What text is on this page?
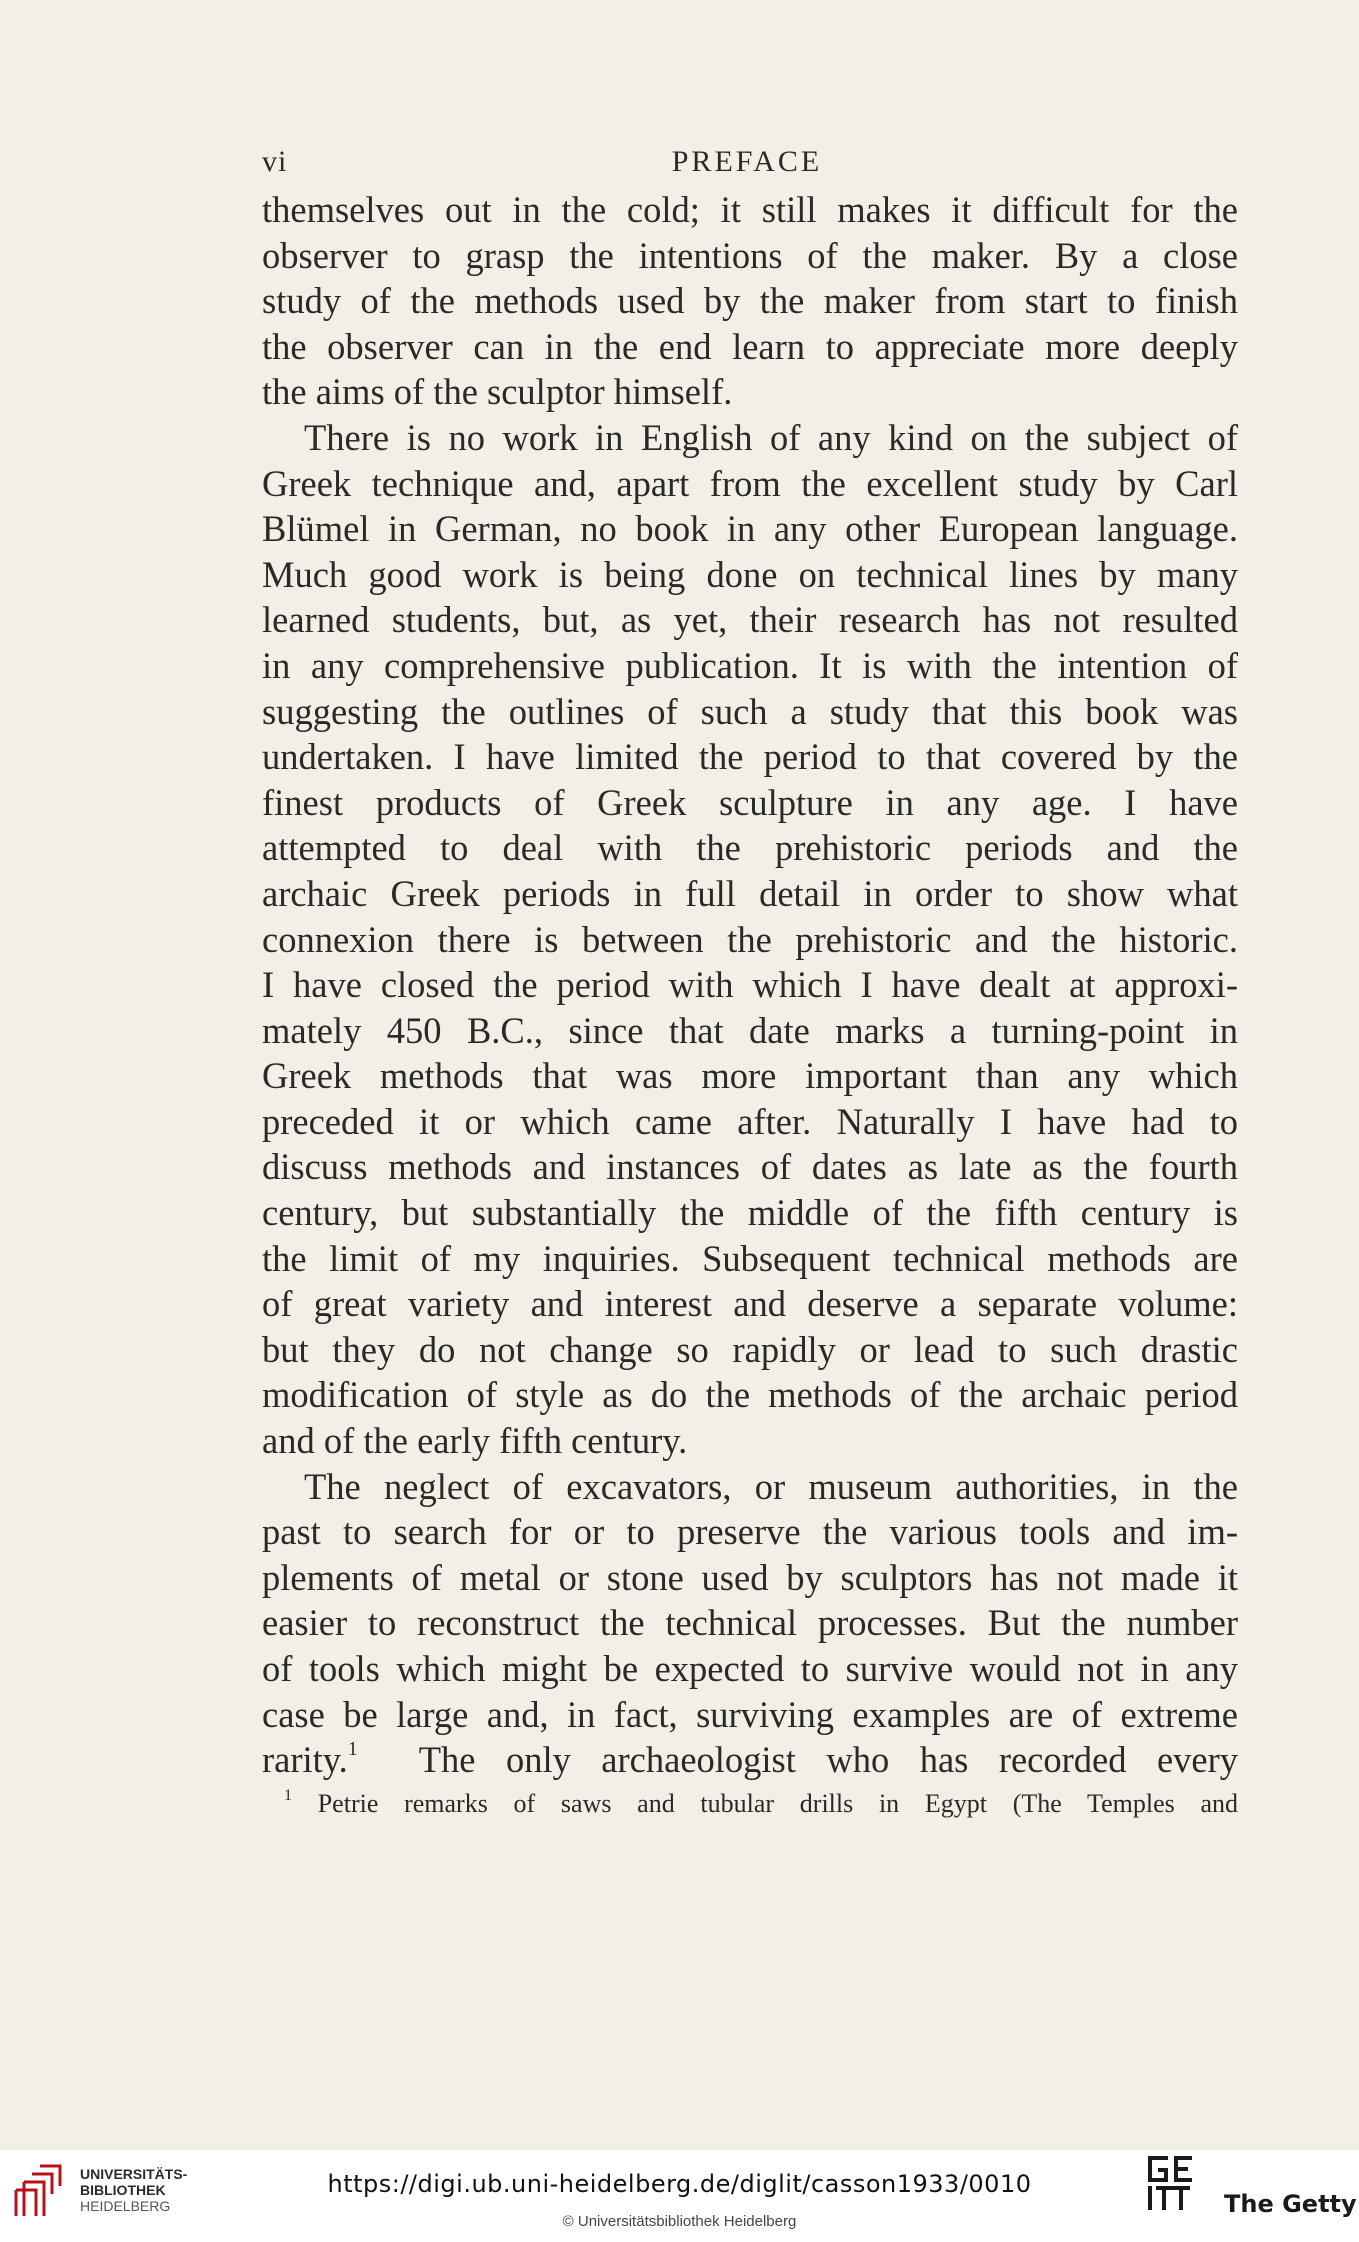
vi	PREFACE
themselves out in the cold; it still makes it difficult for the
observer to grasp the intentions of the maker. By a close
study of the methods used by the maker from start to finish
the observer can in the end learn to appreciate more deeply
the aims of the sculptor himself.
There is no work in English of any kind on the subject of
Greek technique and, apart from the excellent study by Carl
Blümel in German, no book in any other European language.
Much good work is being done on technical lines by many
learned students, but, as yet, their research has not resulted
in any comprehensive publication. It is with the intention of
suggesting the outlines of such a study that this book was
undertaken. I have limited the period to that covered by the
finest products of Greek sculpture in any age. I have
attempted to deal with the prehistoric periods and the
archaic Greek periods in full detail in order to show what
connexion there is between the prehistoric and the historic.
I have closed the period with which I have dealt at approxi-
mately 450 B.C., since that date marks a turning-point in
Greek methods that was more important than any which
preceded it or which came after. Naturally I have had to
discuss methods and instances of dates as late as the fourth
century, but substantially the middle of the fifth century is
the limit of my inquiries. Subsequent technical methods are
of great variety and interest and deserve a separate volume:
but they do not change so rapidly or lead to such drastic
modification of style as do the methods of the archaic period
and of the early fifth century.
The neglect of excavators, or museum authorities, in the
past to search for or to preserve the various tools and im-
plements of metal or stone used by sculptors has not made it
easier to reconstruct the technical processes. But the number
of tools which might be expected to survive would not in any
case be large and, in fact, surviving examples are of extreme
rarity.$^1$ The only archaeologist who has recorded every
$^1$ Petrie remarks of saws and tubular drills in Egypt (The Temples and
UNIVERSITÄTS-
BIBLIOTHEK
HEIDELBERG
https://digi.ub.uni-heidelberg.de/diglit/casson1933/0010
© Universitätsbibliothek Heidelberg
The Getty
